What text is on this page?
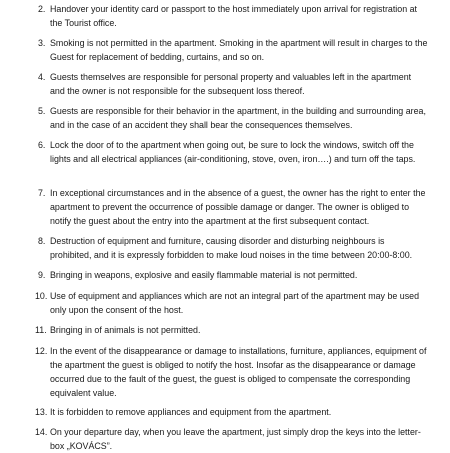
2. Handover your identity card or passport to the host immediately upon arrival for registration at the Tourist office.
3. Smoking is not permitted in the apartment. Smoking in the apartment will result in charges to the Guest for replacement of bedding, curtains, and so on.
4. Guests themselves are responsible for personal property and valuables left in the apartment and the owner is not responsible for the subsequent loss thereof.
5. Guests are responsible for their behavior in the apartment, in the building and surrounding area, and in the case of an accident they shall bear the consequences themselves.
6. Lock the door of to the apartment when going out, be sure to lock the windows, switch off the lights and all electrical appliances (air-conditioning, stove, oven, iron….) and turn off the taps.
7. In exceptional circumstances and in the absence of a guest, the owner has the right to enter the apartment to prevent the occurrence of possible damage or danger. The owner is obliged to notify the guest about the entry into the apartment at the first subsequent contact.
8. Destruction of equipment and furniture, causing disorder and disturbing neighbours is prohibited, and it is expressly forbidden to make loud noises in the time between 20:00-8:00.
9. Bringing in weapons, explosive and easily flammable material is not permitted.
10. Use of equipment and appliances which are not an integral part of the apartment may be used only upon the consent of the host.
11. Bringing in of animals is not permitted.
12. In the event of the disappearance or damage to installations, furniture, appliances, equipment of the apartment the guest is obliged to notify the host. Insofar as the disappearance or damage occurred due to the fault of the guest, the guest is obliged to compensate the corresponding equivalent value.
13. It is forbidden to remove appliances and equipment from the apartment.
14. On your departure day, when you leave the apartment, just simply drop the keys into the letter-box „KOVÁCS”.
